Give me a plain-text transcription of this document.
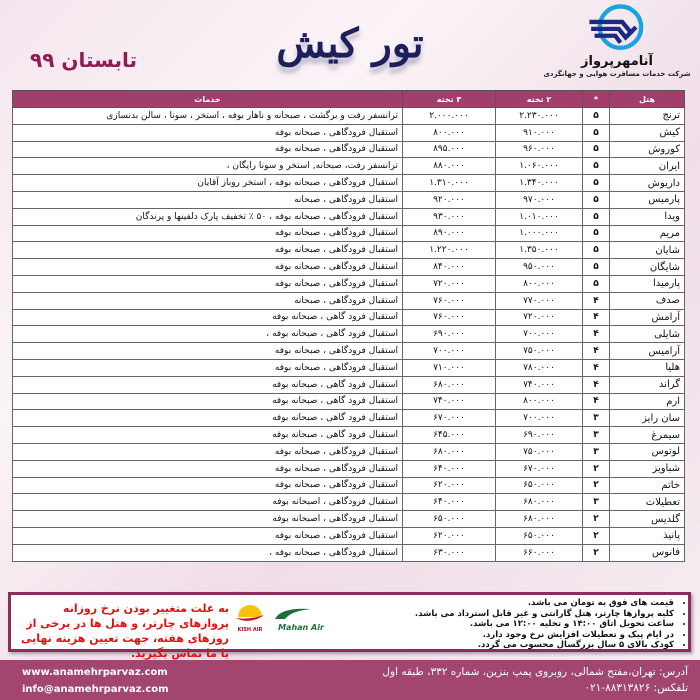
آنامهرپرواز
شرکت خدمات مسافرت هوایی و جهانگردی
تور کیش
تابستان ۹۹
هتل	*	۲ تخته	۳ تخته	خدمات
ترنج	۵	۲.۲۳۰.۰۰۰	۲.۰۰۰.۰۰۰	ترانسفر رفت و برگشت ، صبحانه و ناهار بوفه ، استخر ، سونا ، سالن بدنسازی
کیش	۵	۹۱۰.۰۰۰	۸۰۰.۰۰۰	استقبال فرودگاهی ، صبحانه بوفه
کوروش	۵	۹۶۰.۰۰۰	۸۹۵.۰۰۰	استقبال فرودگاهی ، صبحانه بوفه
ایران	۵	۱.۰۶۰.۰۰۰	۸۸۰.۰۰۰	ترانسفر رفت، صبحانه, استخر و سونا رایگان ،
داریوش	۵	۱.۳۴۰.۰۰۰	۱.۳۱۰.۰۰۰	استقبال فرودگاهی ، صبحانه بوفه ، استخر روباز آقایان
پارمیس	۵	۹۷۰.۰۰۰	۹۲۰.۰۰۰	استقبال فرودگاهی ، صبحانه
ویدا	۵	۱.۰۱۰.۰۰۰	۹۳۰.۰۰۰	استقبال فرودگاهی ، صبحانه بوفه ، ۵۰ ٪ تخفیف پارک دلفینها و پرندگان
مریم	۵	۱.۰۰۰.۰۰۰	۸۹۰.۰۰۰	استقبال فرودگاهی ، صبحانه بوفه
شایان	۵	۱.۳۵۰.۰۰۰	۱.۲۲۰.۰۰۰	استقبال فرودگاهی ، صبحانه بوفه
شایگان	۵	۹۵۰.۰۰۰	۸۴۰.۰۰۰	استقبال فرودگاهی ، صبحانه بوفه
پارمیدا	۵	۸۰۰.۰۰۰	۷۲۰.۰۰۰	استقبال فرودگاهی ، صبحانه بوفه
صدف	۴	۷۷۰.۰۰۰	۷۶۰.۰۰۰	استقبال فرودگاهی ، صبحانه
آرامش	۴	۷۲۰.۰۰۰	۷۶۰.۰۰۰	استقبال فرود گاهی ، صبحانه بوفه
شایلی	۴	۷۰۰.۰۰۰	۶۹۰.۰۰۰	استقبال فرود گاهی ، صبحانه بوفه ،
آرامیس	۴	۷۵۰.۰۰۰	۷۰۰.۰۰۰	استقبال فرودگاهی ، صبحانه بوفه
هلیا	۴	۷۸۰.۰۰۰	۷۱۰.۰۰۰	استقبال فرودگاهی ، صبحانه بوفه
گراند	۴	۷۴۰.۰۰۰	۶۸۰.۰۰۰	استقبال فرود گاهی ، صبحانه بوفه
ارم	۴	۸۰۰.۰۰۰	۷۴۰.۰۰۰	استقبال فرود گاهی ، صبحانه بوفه
سان رایز	۳	۷۰۰.۰۰۰	۶۷۰.۰۰۰	استقبال فرود گاهی ، صبحانه بوفه
سیمرغ	۳	۶۹۰.۰۰۰	۶۴۵.۰۰۰	استقبال فرود گاهی ، صبحانه بوفه
لوتوس	۳	۷۵۰.۰۰۰	۶۸۰.۰۰۰	استقبال فرودگاهی ، صبحانه بوفه
شباویز	۲	۶۷۰.۰۰۰	۶۴۰.۰۰۰	استقبال فرودگاهی ، صبحانه بوفه
خاتم	۲	۶۵۰.۰۰۰	۶۲۰.۰۰۰	استقبال فرودگاهی ، صبحانه بوفه
تعطیلات	۳	۶۸۰.۰۰۰	۶۴۰.۰۰۰	استقبال فرودگاهی ، اصبحانه بوفه
گلدیس	۲	۶۸۰.۰۰۰	۶۵۰.۰۰۰	استقبال فرودگاهی ، اصبحانه بوفه
پانیذ	۲	۶۵۰.۰۰۰	۶۲۰.۰۰۰	استقبال فرودگاهی ، صبحانه بوفه
فانوس	۲	۶۶۰.۰۰۰	۶۳۰.۰۰۰	استقبال فرودگاهی ، صبحانه بوفه ،
• قیمت های فوق به تومان می باشد.
• کلیه پروازها چارتر، هتل گارانتی و غیر قابل استرداد می باشد.
• ساعت تحویل اتاق ۱۴:۰۰ و تخلیه ۱۲:۰۰ می باشد.
• در ایام پیک و تعطیلات افزایش نرخ وجود دارد.
• کودک بالای ۵ سال بزرگسال محسوب می گردد.
Mahan Air
KISH AIR
به علت متغییر بودن نرخ روزانه پروازهای چارتر، و هتل ها در برخی از روزهای هفته، جهت تعیین هزینه نهایی با ما تماس بگیرید.
آدرس: تهران،مفتح شمالی، روبروی پمپ بنزین، شماره ۳۳۲، طبقه اول
تلفکس: ۸۸۳۱۳۸۲۶-۰۲۱
www.anamehrparvaz.com
info@anamehrparvaz.com
